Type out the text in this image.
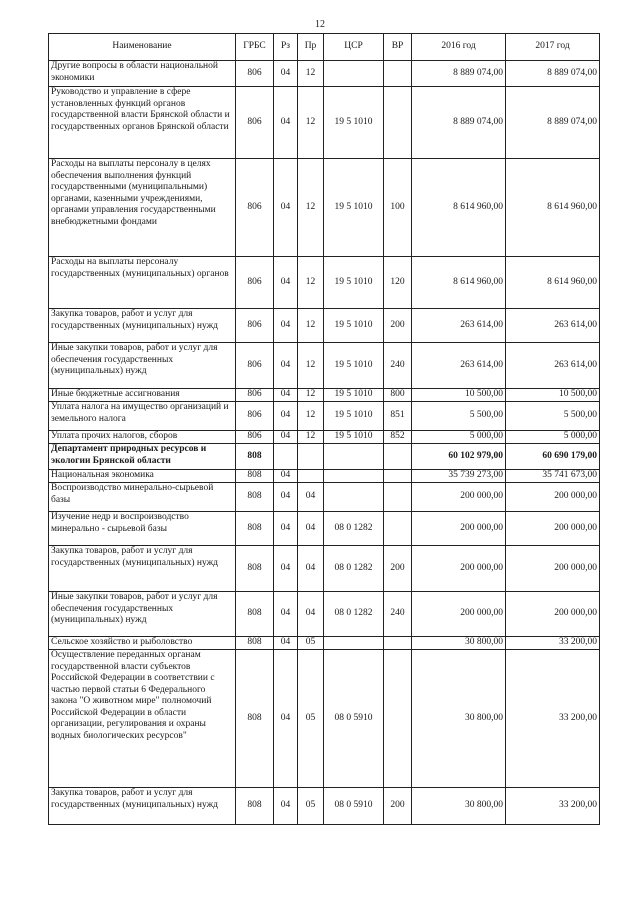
12
Наименование	ГРБС	Рз	Пр	ЦСР	ВР	2016 год	2017 год
Другие вопросы в области национальной экономики	806	04	12			8 889 074,00	8 889 074,00
Руководство и управление в сфере установленных функций органов государственной власти Брянской области и государственных органов Брянской области	806	04	12	19 5 1010		8 889 074,00	8 889 074,00
Расходы на выплаты персоналу в целях обеспечения выполнения функций государственными (муниципальными) органами, казенными учреждениями, органами управления государственными внебюджетными фондами	806	04	12	19 5 1010	100	8 614 960,00	8 614 960,00
Расходы на выплаты персоналу государственных (муниципальных) органов	806	04	12	19 5 1010	120	8 614 960,00	8 614 960,00
Закупка товаров, работ и услуг для государственных (муниципальных) нужд	806	04	12	19 5 1010	200	263 614,00	263 614,00
Иные закупки товаров, работ и услуг для обеспечения государственных (муниципальных) нужд	806	04	12	19 5 1010	240	263 614,00	263 614,00
Иные бюджетные ассигнования	806	04	12	19 5 1010	800	10 500,00	10 500,00
Уплата налога на имущество организаций и земельного налога	806	04	12	19 5 1010	851	5 500,00	5 500,00
Уплата прочих налогов, сборов	806	04	12	19 5 1010	852	5 000,00	5 000,00
Департамент природных ресурсов и экологии Брянской области	808					60 102 979,00	60 690 179,00
Национальная экономика	808	04				35 739 273,00	35 741 673,00
Воспроизводство минерально-сырьевой базы	808	04	04			200 000,00	200 000,00
Изучение недр и воспроизводство минерально - сырьевой базы	808	04	04	08 0 1282		200 000,00	200 000,00
Закупка товаров, работ и услуг для государственных (муниципальных) нужд	808	04	04	08 0 1282	200	200 000,00	200 000,00
Иные закупки товаров, работ и услуг для обеспечения государственных (муниципальных) нужд	808	04	04	08 0 1282	240	200 000,00	200 000,00
Сельское хозяйство и рыболовство	808	04	05			30 800,00	33 200,00
Осуществление переданных органам государственной власти субъектов Российской Федерации в соответствии с частью первой статьи 6 Федерального закона "О животном мире" полномочий Российской Федерации в области организации, регулирования и охраны водных биологических ресурсов"	808	04	05	08 0 5910		30 800,00	33 200,00
Закупка товаров, работ и услуг для государственных (муниципальных) нужд	808	04	05	08 0 5910	200	30 800,00	33 200,00
